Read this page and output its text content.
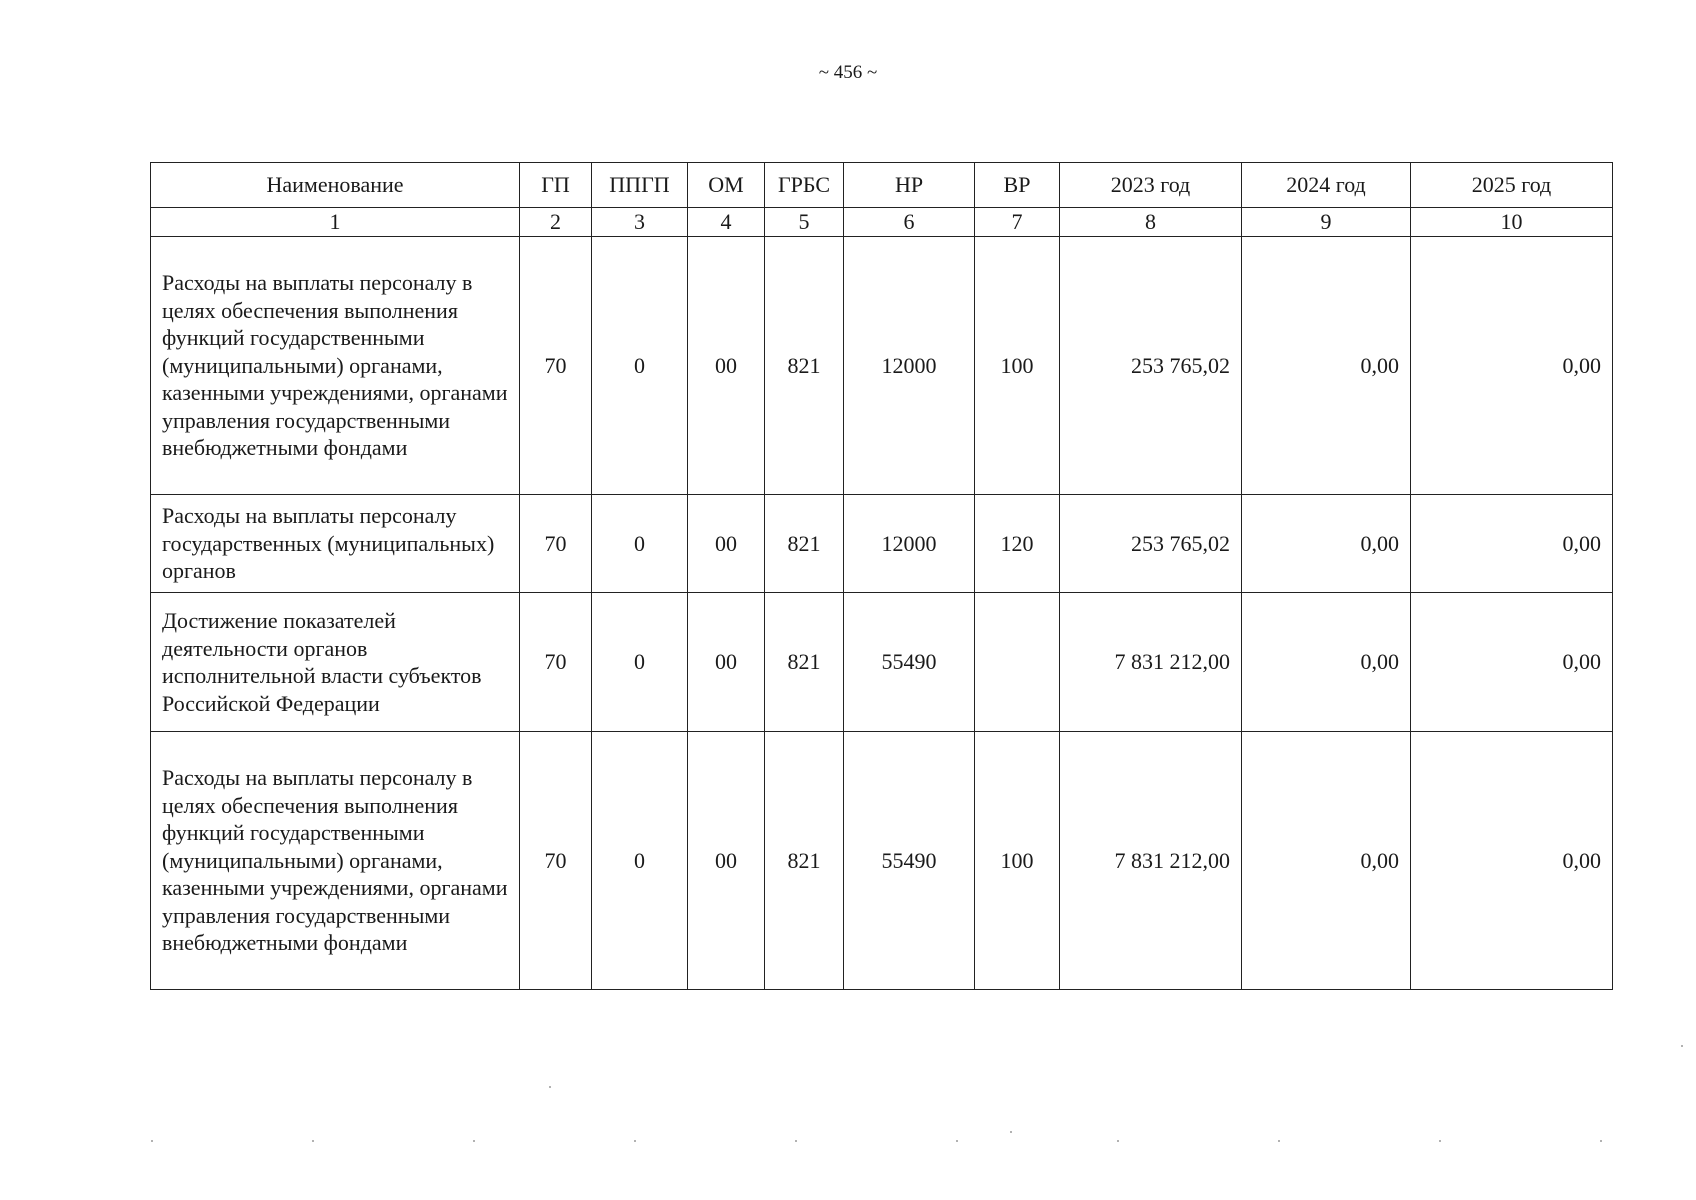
~ 456 ~
Наименование	ГП	ППГП	ОМ	ГРБС	НР	ВР	2023 год	2024 год	2025 год
1	2	3	4	5	6	7	8	9	10
Расходы на выплаты персоналу в целях обеспечения выполнения функций государственными (муниципальными) органами, казенными учреждениями, органами управления государственными внебюджетными фондами	70	0	00	821	12000	100	253 765,02	0,00	0,00
Расходы на выплаты персоналу государственных (муниципальных) органов	70	0	00	821	12000	120	253 765,02	0,00	0,00
Достижение показателей деятельности органов исполнительной власти субъектов Российской Федерации	70	0	00	821	55490		7 831 212,00	0,00	0,00
Расходы на выплаты персоналу в целях обеспечения выполнения функций государственными (муниципальными) органами, казенными учреждениями, органами управления государственными внебюджетными фондами	70	0	00	821	55490	100	7 831 212,00	0,00	0,00
